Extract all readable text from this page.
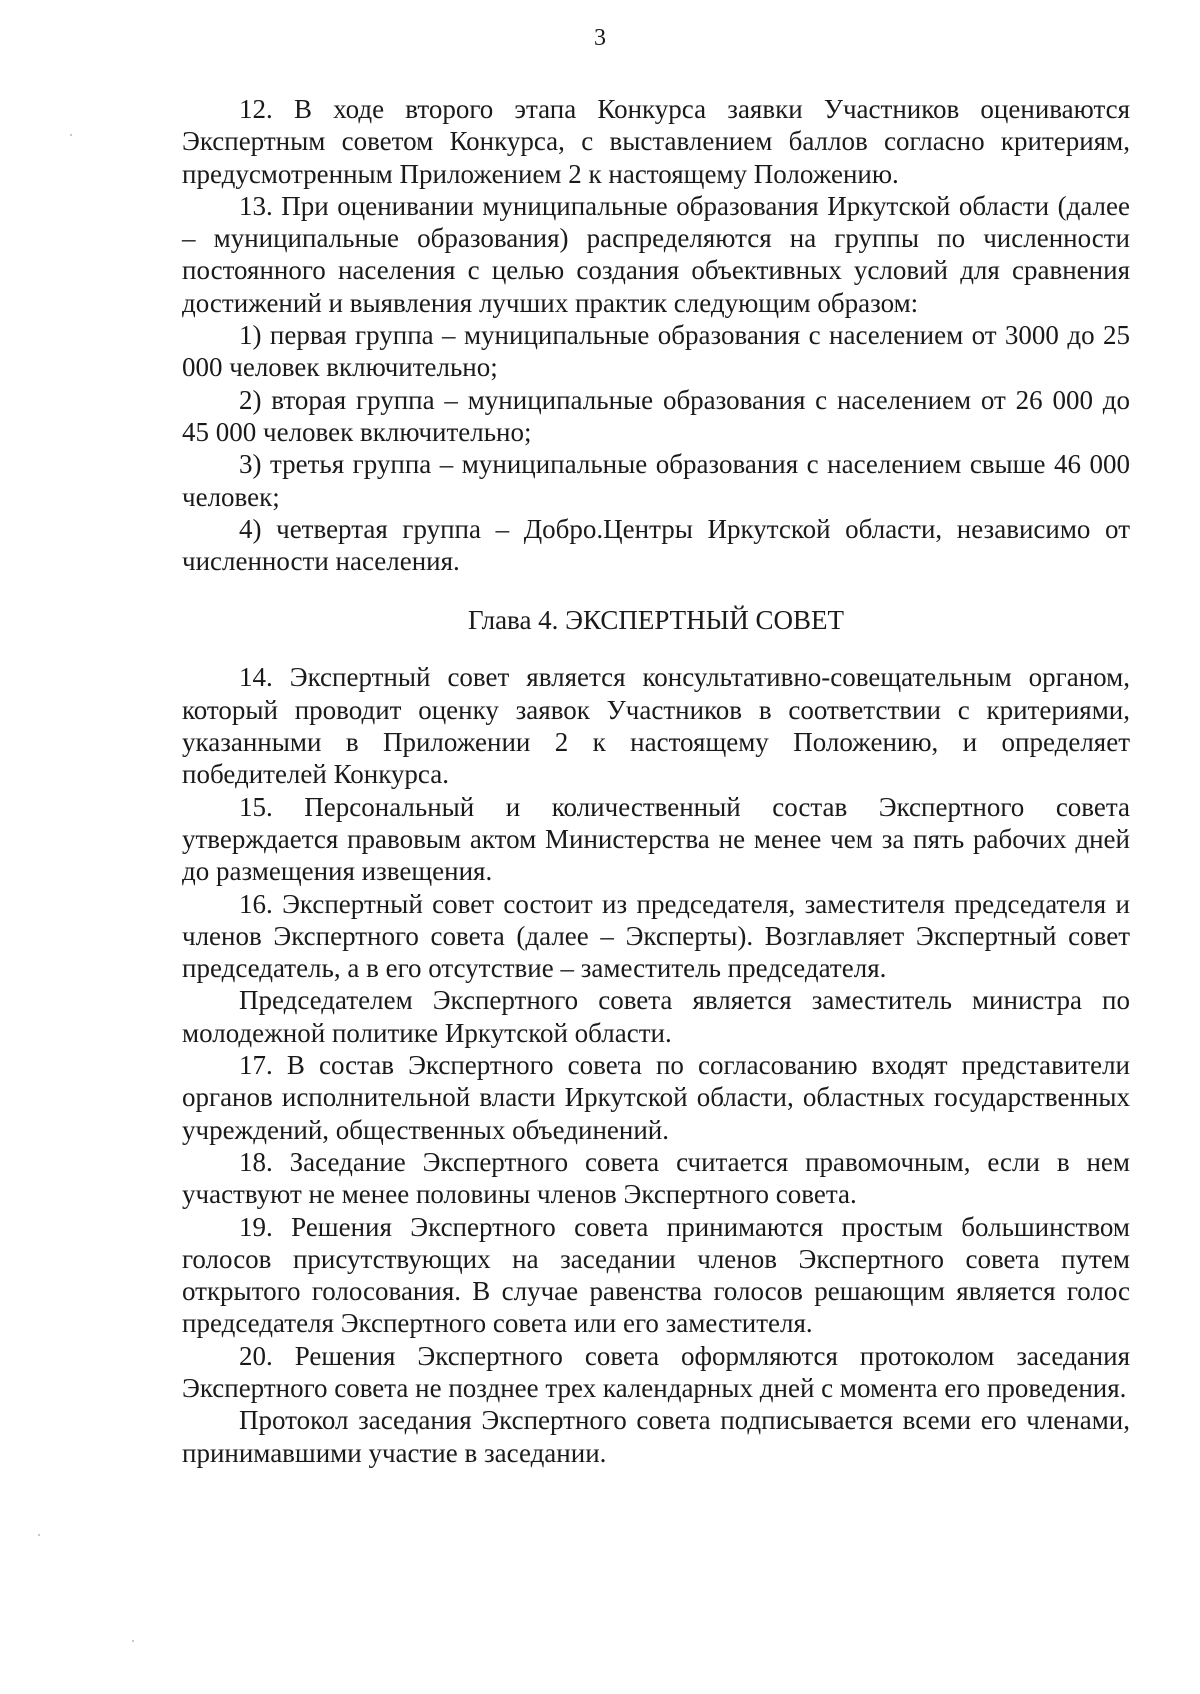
3

12. В ходе второго этапа Конкурса заявки Участников оцениваются Экспертным советом Конкурса, с выставлением баллов согласно критериям, предусмотренным Приложением 2 к настоящему Положению.

13. При оценивании муниципальные образования Иркутской области (далее – муниципальные образования) распределяются на группы по численности постоянного населения с целью создания объективных условий для сравнения достижений и выявления лучших практик следующим образом:

1) первая группа – муниципальные образования с населением от 3000 до 25 000 человек включительно;

2) вторая группа – муниципальные образования с населением от 26 000 до 45 000 человек включительно;

3) третья группа – муниципальные образования с населением свыше 46 000 человек;

4) четвертая группа – Добро.Центры Иркутской области, независимо от численности населения.

Глава 4. ЭКСПЕРТНЫЙ СОВЕТ

14. Экспертный совет является консультативно-совещательным органом, который проводит оценку заявок Участников в соответствии с критериями, указанными в Приложении 2 к настоящему Положению, и определяет победителей Конкурса.

15. Персональный и количественный состав Экспертного совета утверждается правовым актом Министерства не менее чем за пять рабочих дней до размещения извещения.

16. Экспертный совет состоит из председателя, заместителя председателя и членов Экспертного совета (далее – Эксперты). Возглавляет Экспертный совет председатель, а в его отсутствие – заместитель председателя.

Председателем Экспертного совета является заместитель министра по молодежной политике Иркутской области.

17. В состав Экспертного совета по согласованию входят представители органов исполнительной власти Иркутской области, областных государственных учреждений, общественных объединений.

18. Заседание Экспертного совета считается правомочным, если в нем участвуют не менее половины членов Экспертного совета.

19. Решения Экспертного совета принимаются простым большинством голосов присутствующих на заседании членов Экспертного совета путем открытого голосования. В случае равенства голосов решающим является голос председателя Экспертного совета или его заместителя.

20. Решения Экспертного совета оформляются протоколом заседания Экспертного совета не позднее трех календарных дней с момента его проведения.

Протокол заседания Экспертного совета подписывается всеми его членами, принимавшими участие в заседании.
